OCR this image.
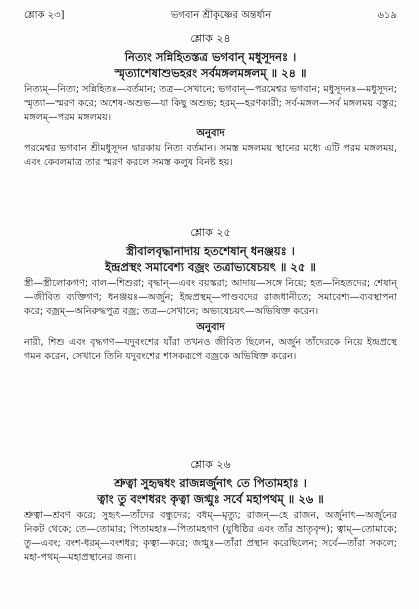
শ্লোক ২৩]	ভগবান শ্রীকৃষ্ণের অন্তর্ধান	৬১৯
শ্লোক ২৪
নিত্যং সন্নিহিতস্তত্র ভগবান্ মধুসূদনঃ ।
স্মৃত্যাশেষাশুভহরং সর্বমঙ্গলমঙ্গলম্ ॥ ২৪ ॥

নিত্যম্—নিত্য; সন্নিহিতঃ—বর্তমান; তত্র—সেখানে; ভগবান্—পরমেশ্বর ভগবান; মধুসূদনঃ—মধুসূদন; স্মৃত্যা—স্মরণ করে; অশেষ-অশুভ—যা কিছু অশুভ; হরম্—হরণকারী; সর্ব-মঙ্গল—সর্ব মঙ্গলময় বস্তুর; মঙ্গলম্—পরম মঙ্গলময়।

অনুবাদ

পরমেশ্বর ভগবান শ্রীমধুসূদন দ্বারকায় নিত্য বর্তমান। সমস্ত মঙ্গলময় স্থানের মধ্যে এটি পরম মঙ্গলময়, এবং কেবলমাত্র তার স্মরণ করলে সমস্ত কলুষ বিনষ্ট হয়।

শ্লোক ২৫
স্ত্রীবালবৃদ্ধানাদায় হতশেষান্ ধনঞ্জয়ঃ ।
ইন্দ্রপ্রস্থং সমাবেশ্য বজ্রং তত্রাভ্যষেচয়ৎ ॥ ২৫ ॥

স্ত্রী—স্ত্রীলোকগণ; বাল—শিশুরা; বৃদ্ধান্—এবং বয়স্করা; আদায়—সঙ্গে নিয়ে; হত—নিহতদের; শেষান্—জীবিত ব্যক্তিগণ; ধনঞ্জয়ঃ—অর্জুন; ইন্দ্রপ্রস্থম্—পাণ্ডবদের রাজধানীতে; সমাবেশ্য—ব্যবস্থাপনা করে; বজ্রম্—অনিরুদ্ধপুত্র বজ্র; তত্র—সেখানে; অভ্যষেচয়ৎ—অভিষিক্ত করেন।

অনুবাদ

নারী, শিশু এবং বৃদ্ধগণ—যদুবংশের যাঁরা তখনও জীবিত ছিলেন, অর্জুন তাঁদেরকে নিয়ে ইন্দ্রপ্রস্থে গমন করেন, সেখানে তিনি যদুবংশের শাসকরূপে বজ্রকে অভিষিক্ত করেন।

শ্লোক ২৬
শ্রুত্বা সুহৃদ্বধং রাজন্নর্জুনাৎ তে পিতামহাঃ ।
ত্বাং তু বংশধরং কৃত্বা জগ্মুঃ সর্বে মহাপথম্ ॥ ২৬ ॥

শ্রুত্বা—শ্রবণ করে; সুহৃৎ—তাঁদের বন্ধুদের; বধম্—মৃত্যু; রাজন্—হে রাজন, অর্জুনাৎ—অর্জুনের নিকট থেকে; তে—তোমার; পিতামহাঃ—পিতামহগণ (যুধিষ্ঠির এবং তাঁর ভ্রাতৃবৃন্দ); ত্বাম্—তোমাকে; তু—এবং; বংশ-ধরম্—বংশধর; কৃত্বা—করে; জগ্মুঃ—তাঁরা প্রস্থান করেছিলেন; সর্বে—তাঁরা সকলে; মহা-পথম্—মহাপ্রস্থানের জন্য।
